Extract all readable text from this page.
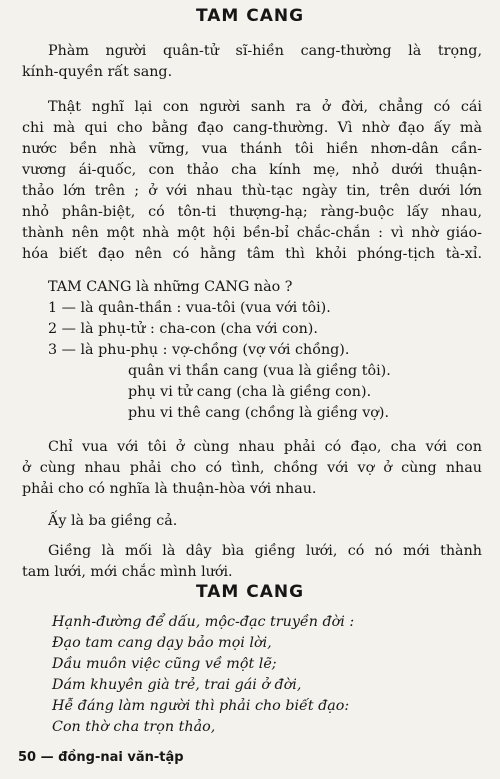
TAM CANG
Phàm người quân-tử sĩ-hiền cang-thường là trọng,
kính-quyền rất sang.
Thật nghĩ lại con người sanh ra ở đời, chẳng có cái
chi mà qui cho bằng đạo cang-thường. Vì nhờ đạo ấy mà
nước bền nhà vững, vua thánh tôi hiền nhơn-dân cần-
vương ái-quốc, con thảo cha kính mẹ, nhỏ dưới thuận-
thảo lớn trên ; ở với nhau thù-tạc ngày tin, trên dưới lớn
nhỏ phân-biệt, có tôn-ti thượng-hạ; ràng-buộc lấy nhau,
thành nên một nhà một hội bền-bỉ chắc-chắn : vì nhờ giáo-
hóa biết đạo nên có hằng tâm thì khỏi phóng-tịch tà-xỉ.
TAM CANG là những CANG nào ?
1 — là quân-thần : vua-tôi (vua với tôi).
2 — là phụ-tử : cha-con (cha với con).
3 — là phu-phụ : vợ-chồng (vợ với chồng).
quân vi thần cang (vua là giềng tôi).
phụ vi tử cang (cha là giềng con).
phu vi thê cang (chồng là giềng vợ).
Chỉ vua với tôi ở cùng nhau phải có đạo, cha với con
ở cùng nhau phải cho có tình, chồng với vợ ở cùng nhau
phải cho có nghĩa là thuận-hòa với nhau.
Ấy là ba giềng cả.
Giềng là mối là dây bìa giềng lưới, có nó mới thành
tam lưới, mới chắc mình lưới.
TAM CANG
Hạnh-đường để dấu, mộc-đạc truyền đời :
Đạo tam cang dạy bảo mọi lời,
Dầu muôn việc cũng về một lẽ;
Dám khuyên già trẻ, trai gái ở đời,
Hễ đáng làm người thì phải cho biết đạo:
Con thờ cha trọn thảo,
50 — đồng-nai văn-tập
